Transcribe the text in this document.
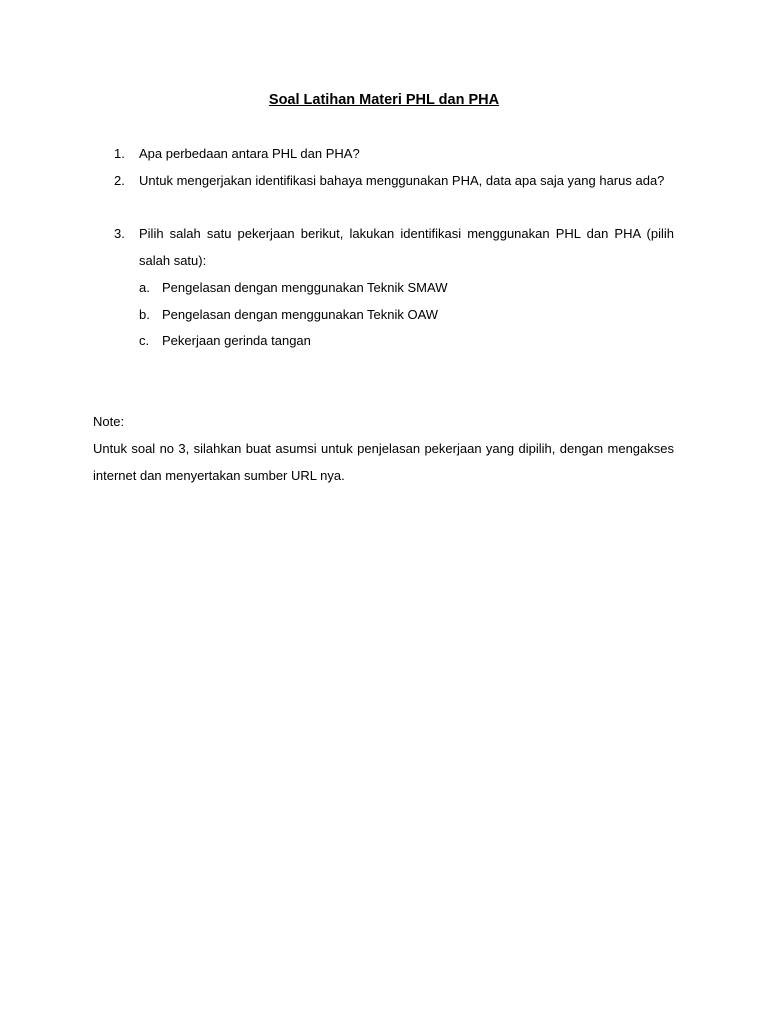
Soal Latihan Materi PHL dan PHA
1. Apa perbedaan antara PHL dan PHA?
2. Untuk mengerjakan identifikasi bahaya menggunakan PHA, data apa saja yang harus ada?
3. Pilih salah satu pekerjaan berikut, lakukan identifikasi menggunakan PHL dan PHA (pilih salah satu):
a. Pengelasan dengan menggunakan Teknik SMAW
b. Pengelasan dengan menggunakan Teknik OAW
c. Pekerjaan gerinda tangan
Note:
Untuk soal no 3, silahkan buat asumsi untuk penjelasan pekerjaan yang dipilih, dengan mengakses internet dan menyertakan sumber URL nya.
